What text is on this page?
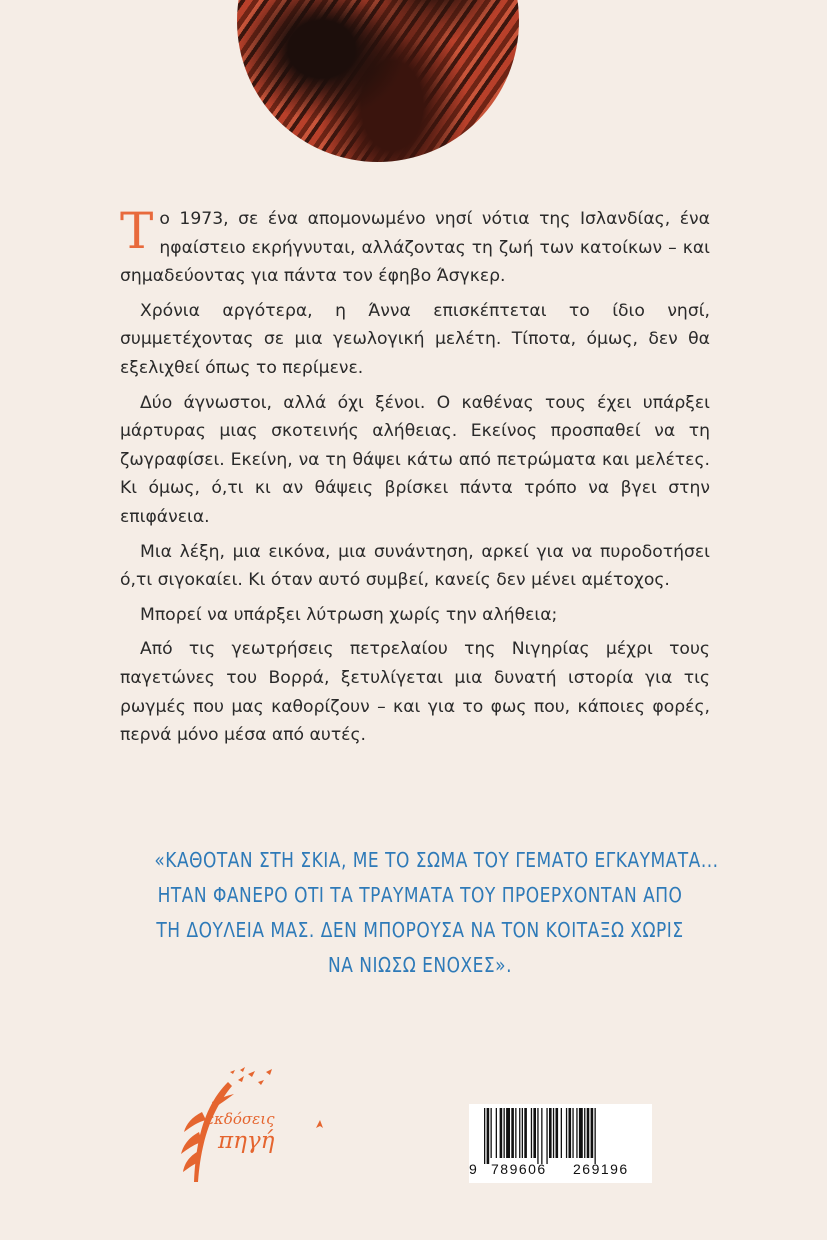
Το 1973, σε ένα απομονωμένο νησί νότια της Ισλανδίας, ένα ηφαίστειο εκρήγνυται, αλλάζοντας τη ζωή των κατοίκων – και σημαδεύοντας για πάντα τον έφηβο Άσγκερ.

Χρόνια αργότερα, η Άννα επισκέπτεται το ίδιο νησί, συμμετέχοντας σε μια γεωλογική μελέτη. Τίποτα, όμως, δεν θα εξελιχθεί όπως το περίμενε.

Δύο άγνωστοι, αλλά όχι ξένοι. Ο καθένας τους έχει υπάρξει μάρτυρας μιας σκοτεινής αλήθειας. Εκείνος προσπαθεί να τη ζωγραφίσει. Εκείνη, να τη θάψει κάτω από πετρώματα και μελέτες. Κι όμως, ό,τι κι αν θάψεις βρίσκει πάντα τρόπο να βγει στην επιφάνεια.

Μια λέξη, μια εικόνα, μια συνάντηση, αρκεί για να πυροδοτήσει ό,τι σιγοκαίει. Κι όταν αυτό συμβεί, κανείς δεν μένει αμέτοχος.

Μπορεί να υπάρξει λύτρωση χωρίς την αλήθεια;

Από τις γεωτρήσεις πετρελαίου της Νιγηρίας μέχρι τους παγετώνες του Βορρά, ξετυλίγεται μια δυνατή ιστορία για τις ρωγμές που μας καθορίζουν – και για το φως που, κάποιες φορές, περνά μόνο μέσα από αυτές.

«ΚΑΘΟΤΑΝ ΣΤΗ ΣΚΙΑ, ΜΕ ΤΟ ΣΩΜΑ ΤΟΥ ΓΕΜΑΤΟ ΕΓΚΑΥΜΑΤΑ...
ΗΤΑΝ ΦΑΝΕΡΟ ΟΤΙ ΤΑ ΤΡΑΥΜΑΤΑ ΤΟΥ ΠΡΟΕΡΧΟΝΤΑΝ ΑΠΟ
ΤΗ ΔΟΥΛΕΙΑ ΜΑΣ. ΔΕΝ ΜΠΟΡΟΥΣΑ ΝΑ ΤΟΝ ΚΟΙΤΑΞΩ ΧΩΡΙΣ
ΝΑ ΝΙΩΣΩ ΕΝΟΧΕΣ».
εκδόσεις
πηγή
9 789606 269196
